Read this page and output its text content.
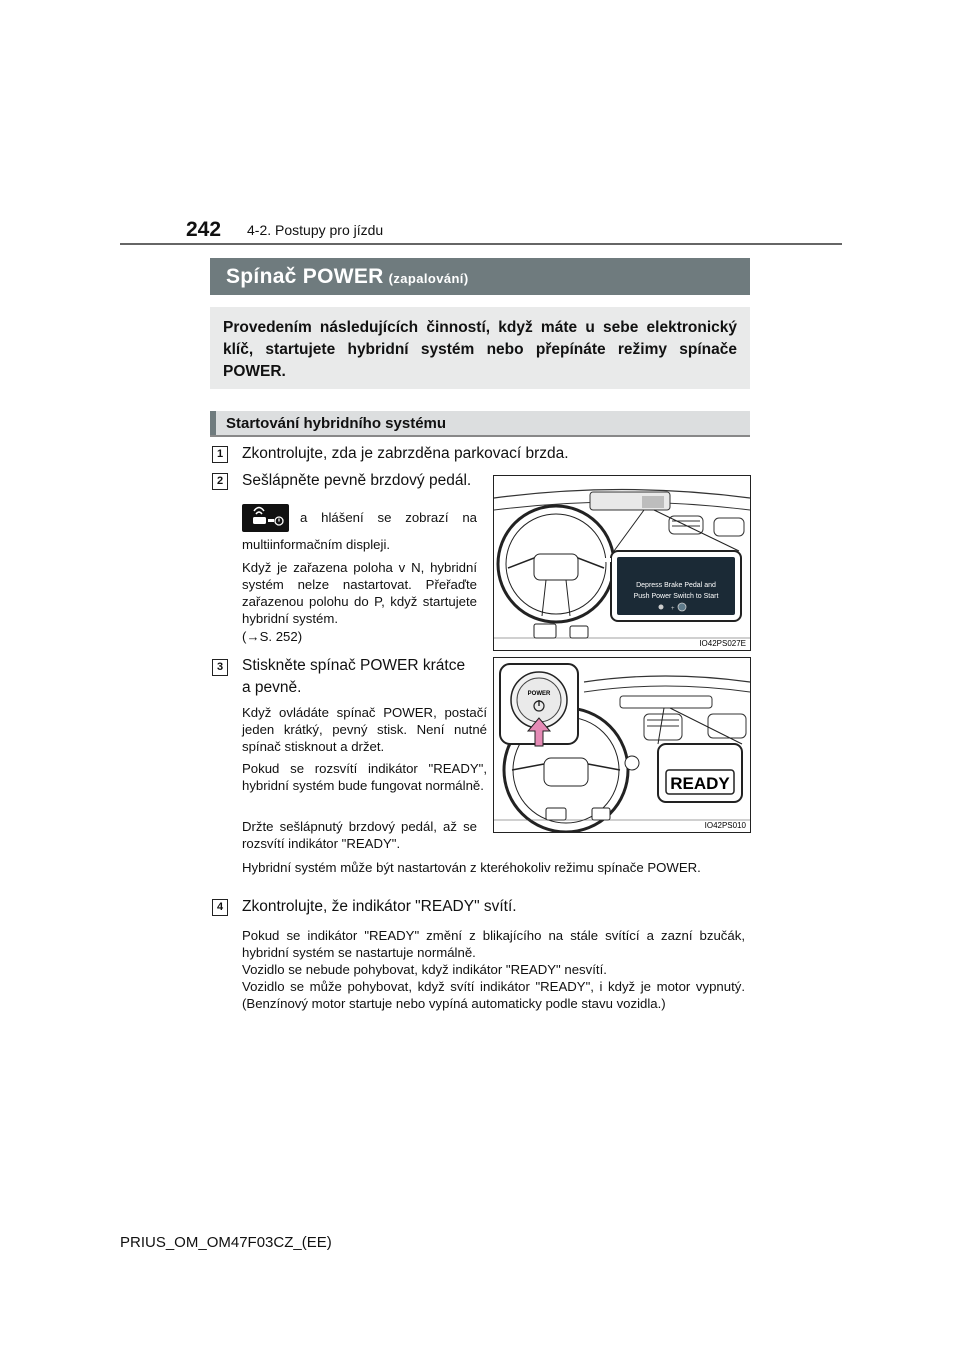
242 4-2. Postupy pro jízdu
Spínač POWER (zapalování)
Provedením následujících činností, když máte u sebe elektronický klíč, startujete hybridní systém nebo přepínáte režimy spínače POWER.
Startování hybridního systému
1	Zkontrolujte, zda je zabrzděna parkovací brzda.
2	Sešlápněte pevně brzdový pedál.
a hlášení se zobrazí na
multiinformačním displeji.
Když je zařazena poloha v N, hybridní systém nelze nastartovat. Přeřaďte zařazenou polohu do P, když startujete hybridní systém.
(→S. 252)
Depress Brake Pedal and
Push Power Switch to Start
+
IO42PS027E
3	Stiskněte spínač POWER krátce
a pevně.
Když ovládáte spínač POWER, postačí jeden krátký, pevný stisk. Není nutné spínač stisknout a držet.
Pokud se rozsvítí indikátor "READY", hybridní systém bude fungovat normálně.
Držte sešlápnutý brzdový pedál, až se rozsvítí indikátor "READY".
Hybridní systém může být nastartován z kteréhokoliv režimu spínače POWER.
POWER
READY
IO42PS010
4	Zkontrolujte, že indikátor "READY" svítí.
Pokud se indikátor "READY" změní z blikajícího na stále svítící a zazní bzučák, hybridní systém se nastartuje normálně.
Vozidlo se nebude pohybovat, když indikátor "READY" nesvítí.
Vozidlo se může pohybovat, když svítí indikátor "READY", i když je motor vypnutý. (Benzínový motor startuje nebo vypíná automaticky podle stavu vozidla.)
PRIUS_OM_OM47F03CZ_(EE)
